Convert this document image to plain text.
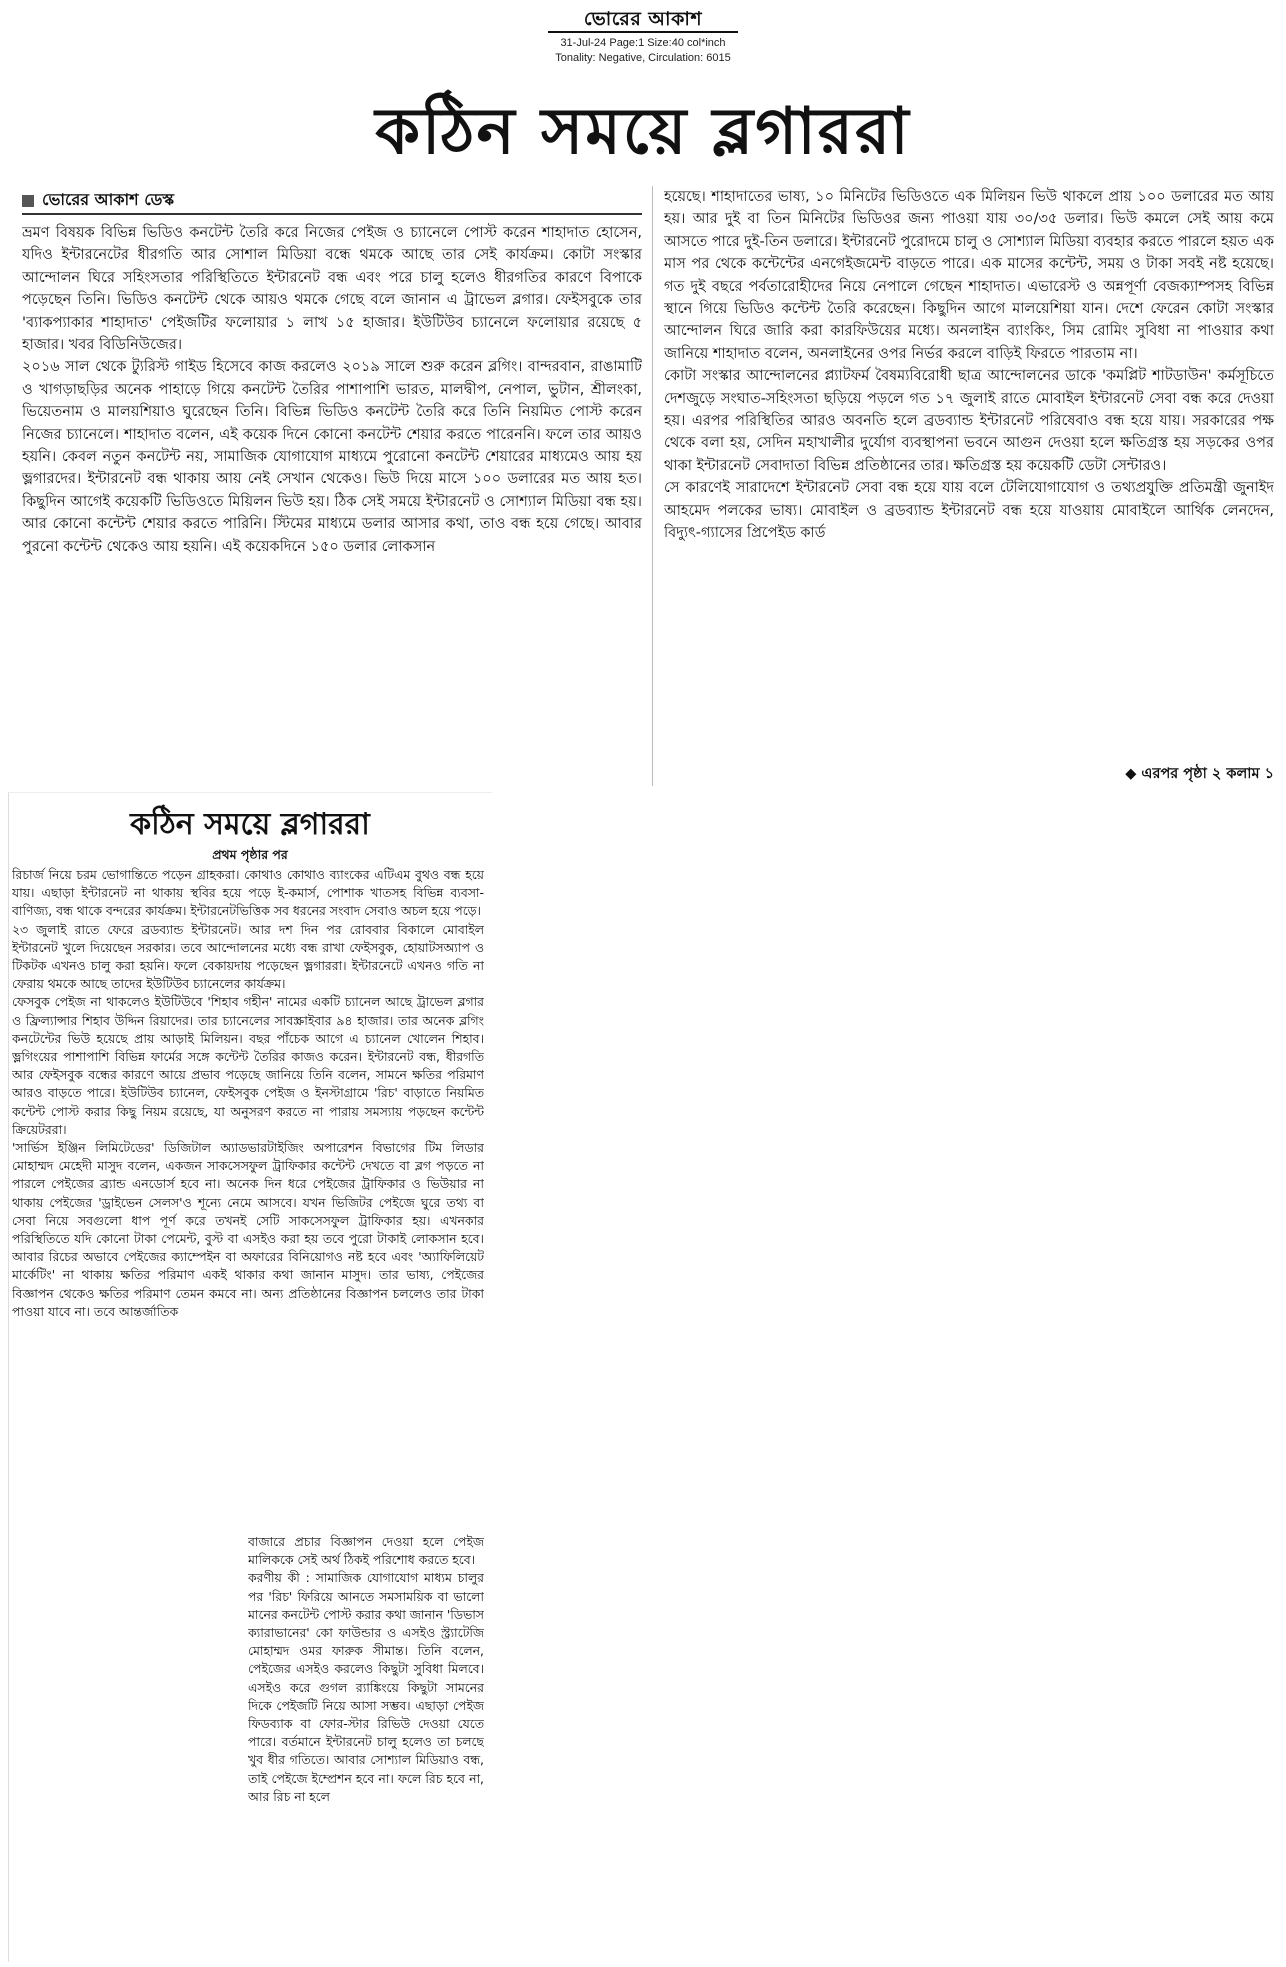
ভোরের আকাশ
31-Jul-24 Page:1 Size:40 col*inch
Tonality: Negative, Circulation: 6015
কঠিন সময়ে ব্লগাররা
ভোরের আকাশ ডেস্ক

ভ্রমণ বিষয়ক বিভিন্ন ভিডিও কনটেন্ট তৈরি করে নিজের পেইজ ও চ্যানেলে পোস্ট করেন শাহাদাত হোসেন, যদিও ইন্টারনেটের ধীরগতি আর সোশাল মিডিয়া বন্ধে থমকে আছে তার সেই কার্যক্রম। কোটা সংস্কার আন্দোলন ঘিরে সহিংসতার পরিস্থিতিতে ইন্টারনেট বন্ধ এবং পরে চালু হলেও ধীরগতির কারণে বিপাকে পড়েছেন তিনি। ভিডিও কনটেন্ট থেকে আয়ও থমকে গেছে বলে জানান এ ট্রাভেল ব্লগার। ফেইসবুকে তার 'ব্যাকপ্যাকার শাহাদাত' পেইজটির ফলোয়ার ১ লাখ ১৫ হাজার। ইউটিউব চ্যানেলে ফলোয়ার রয়েছে ৫ হাজার। খবর বিডিনিউজের।

২০১৬ সাল থেকে ট্যুরিস্ট গাইড হিসেবে কাজ করলেও ২০১৯ সালে শুরু করেন ব্লগিং। বান্দরবান, রাঙামাটি ও খাগড়াছড়ির অনেক পাহাড়ে গিয়ে কনটেন্ট তৈরির পাশাপাশি ভারত, মালদ্বীপ, নেপাল, ভুটান, শ্রীলংকা, ভিয়েতনাম ও মালয়শিয়াও ঘুরেছেন তিনি। বিভিন্ন ভিডিও কনটেন্ট তৈরি করে তিনি নিয়মিত পোস্ট করেন নিজের চ্যানেলে। শাহাদাত বলেন, এই কয়েক দিনে কোনো কনটেন্ট শেয়ার করতে পারেননি। ফলে তার আয়ও হয়নি। কেবল নতুন কনটেন্ট নয়, সামাজিক যোগাযোগ মাধ্যমে পুরোনো কনটেন্ট শেয়ারের মাধ্যমেও আয় হয় ভ্লগারদের। ইন্টারনেট বন্ধ থাকায় আয় নেই সেখান থেকেও। ভিউ দিয়ে মাসে ১০০ ডলারের মত আয় হত। কিছুদিন আগেই কয়েকটি ভিডিওতে মিয়িলন ভিউ হয়। ঠিক সেই সময়ে ইন্টারনেট ও সোশ্যাল মিডিয়া বন্ধ হয়। আর কোনো কন্টেন্ট শেয়ার করতে পারিনি। স্টিমের মাধ্যমে ডলার আসার কথা, তাও বন্ধ হয়ে গেছে। আবার পুরনো কন্টেন্ট থেকেও আয় হয়নি। এই কয়েকদিনে ১৫০ ডলার লোকসান

হয়েছে। শাহাদাতের ভাষ্য, ১০ মিনিটের ভিডিওতে এক মিলিয়ন ভিউ থাকলে প্রায় ১০০ ডলারের মত আয় হয়। আর দুই বা তিন মিনিটের ভিডিওর জন্য পাওয়া যায় ৩০/৩৫ ডলার। ভিউ কমলে সেই আয় কমে আসতে পারে দুই-তিন ডলারে। ইন্টারনেট পুরোদমে চালু ও সোশ্যাল মিডিয়া ব্যবহার করতে পারলে হয়ত এক মাস পর থেকে কন্টেন্টের এনগেইজমেন্ট বাড়তে পারে। এক মাসের কন্টেন্ট, সময় ও টাকা সবই নষ্ট হয়েছে। গত দুই বছরে পর্বতারোহীদের নিয়ে নেপালে গেছেন শাহাদাত। এভারেস্ট ও অন্নপূর্ণা বেজক্যাম্পসহ বিভিন্ন স্থানে গিয়ে ভিডিও কন্টেন্ট তৈরি করেছেন। কিছুদিন আগে মালয়েশিয়া যান। দেশে ফেরেন কোটা সংস্কার আন্দোলন ঘিরে জারি করা কারফিউয়ের মধ্যে। অনলাইন ব্যাংকিং, সিম রোমিং সুবিধা না পাওয়ার কথা জানিয়ে শাহাদাত বলেন, অনলাইনের ওপর নির্ভর করলে বাড়িই ফিরতে পারতাম না।

কোটা সংস্কার আন্দোলনের প্ল্যাটফর্ম বৈষম্যবিরোধী ছাত্র আন্দোলনের ডাকে 'কমপ্লিট শাটডাউন' কর্মসূচিতে দেশজুড়ে সংঘাত-সহিংসতা ছড়িয়ে পড়লে গত ১৭ জুলাই রাতে মোবাইল ইন্টারনেট সেবা বন্ধ করে দেওয়া হয়। এরপর পরিস্থিতির আরও অবনতি হলে ব্রডব্যান্ড ইন্টারনেট পরিষেবাও বন্ধ হয়ে যায়। সরকারের পক্ষ থেকে বলা হয়, সেদিন মহাখালীর দুর্যোগ ব্যবস্থাপনা ভবনে আগুন দেওয়া হলে ক্ষতিগ্রস্ত হয় সড়কের ওপর থাকা ইন্টারনেট সেবাদাতা বিভিন্ন প্রতিষ্ঠানের তার। ক্ষতিগ্রস্ত হয় কয়েকটি ডেটা সেন্টারও।

সে কারণেই সারাদেশে ইন্টারনেট সেবা বন্ধ হয়ে যায় বলে টেলিযোগাযোগ ও তথ্যপ্রযুক্তি প্রতিমন্ত্রী জুনাইদ আহমেদ পলকের ভাষ্য। মোবাইল ও ব্রডব্যান্ড ইন্টারনেট বন্ধ হয়ে যাওয়ায় মোবাইলে আর্থিক লেনদেন, বিদ্যুৎ-গ্যাসের প্রিপেইড কার্ড

◆ এরপর পৃষ্ঠা ২ কলাম ১
কঠিন সময়ে ব্লগাররা
প্রথম পৃষ্ঠার পর

রিচার্জ নিয়ে চরম ভোগান্তিতে পড়েন গ্রাহকরা। কোথাও কোথাও ব্যাংকের এটিএম বুথও বন্ধ হয়ে যায়। এছাড়া ইন্টারনেট না থাকায় স্থবির হয়ে পড়ে ই-কমার্স, পোশাক খাতসহ বিভিন্ন ব্যবসা-বাণিজ্য, বন্ধ থাকে বন্দরের কার্যক্রম। ইন্টারনেটভিত্তিক সব ধরনের সংবাদ সেবাও অচল হয়ে পড়ে।

২৩ জুলাই রাতে ফেরে ব্রডব্যান্ড ইন্টারনেট। আর দশ দিন পর রোববার বিকালে মোবাইল ইন্টারনেট খুলে দিয়েছেন সরকার। তবে আন্দোলনের মধ্যে বন্ধ রাখা ফেইসবুক, হোয়াটসঅ্যাপ ও টিকটক এখনও চালু করা হয়নি। ফলে বেকায়দায় পড়েছেন ভ্লগাররা। ইন্টারনেটে এখনও গতি না ফেরায় থমকে আছে তাদের ইউটিউব চ্যানেলের কার্যক্রম।

ফেসবুক পেইজ না থাকলেও ইউটিউবে 'শিহাব গহীন' নামের একটি চ্যানেল আছে ট্রাভেল ব্লগার ও ফ্রিল্যান্সার শিহাব উদ্দিন রিয়াদের। তার চ্যানেলের সাবস্ক্রাইবার ৯৪ হাজার। তার অনেক ব্লগিং কনটেন্টের ভিউ হয়েছে প্রায় আড়াই মিলিয়ন। বছর পাঁচেক আগে এ চ্যানেল খোলেন শিহাব। ভ্লগিংয়ের পাশাপাশি বিভিন্ন ফার্মের সঙ্গে কন্টেন্ট তৈরির কাজও করেন। ইন্টারনেট বন্ধ, ধীরগতি আর ফেইসবুক বন্ধের কারণে আয়ে প্রভাব পড়েছে জানিয়ে তিনি বলেন, সামনে ক্ষতির পরিমাণ আরও বাড়তে পারে। ইউটিউব চ্যানেল, ফেইসবুক পেইজ ও ইনস্টাগ্রামে 'রিচ' বাড়াতে নিয়মিত কন্টেন্ট পোস্ট করার কিছু নিয়ম রয়েছে, যা অনুসরণ করতে না পারায় সমস্যায় পড়ছেন কন্টেন্ট ক্রিয়েটররা।

'সার্ভিস ইঞ্জিন লিমিটেডের' ডিজিটাল অ্যাডভারটাইজিং অপারেশন বিভাগের টিম লিডার মোহাম্মদ মেহেদী মাসুদ বলেন, একজন সাকসেসফুল ট্রাফিকার কন্টেন্ট দেখতে বা ব্লগ পড়তে না পারলে পেইজের ব্র্যান্ড এনডোর্স হবে না। অনেক দিন ধরে পেইজের ট্রাফিকার ও ভিউয়ার না থাকায় পেইজের 'ড্রাইভেন সেলস'ও শূন্যে নেমে আসবে। যখন ভিজিটর পেইজে ঘুরে তথ্য বা সেবা নিয়ে সবগুলো ধাপ পূর্ণ করে তখনই সেটি সাকসেসফুল ট্রাফিকার হয়। এখনকার পরিস্থিতিতে যদি কোনো টাকা পেমেন্ট, বুস্ট বা এসইও করা হয় তবে পুরো টাকাই লোকসান হবে। আবার রিচের অভাবে পেইজের ক্যাম্পেইন বা অফারের বিনিয়োগও নষ্ট হবে এবং 'অ্যাফিলিয়েট মার্কেটিং' না থাকায় ক্ষতির পরিমাণ একই থাকার কথা জানান মাসুদ। তার ভাষ্য, পেইজের বিজ্ঞাপন থেকেও ক্ষতির পরিমাণ তেমন কমবে না। অন্য প্রতিষ্ঠানের বিজ্ঞাপন চললেও তার টাকা পাওয়া যাবে না। তবে আন্তর্জাতিক

বাজারে প্রচার বিজ্ঞাপন দেওয়া হলে পেইজ মালিককে সেই অর্থ ঠিকই পরিশোধ করতে হবে।

করণীয় কী : সামাজিক যোগাযোগ মাধ্যম চালুর পর 'রিচ' ফিরিয়ে আনতে সমসাময়িক বা ভালো মানের কনটেন্ট পোস্ট করার কথা জানান 'ডিভাস ক্যারাভানের' কো ফাউন্ডার ও এসইও স্ট্র্যাটেজি মোহাম্মদ ওমর ফারুক সীমান্ত। তিনি বলেন, পেইজের এসইও করলেও কিছুটা সুবিধা মিলবে। এসইও করে গুগল র‍্যাঙ্কিংয়ে কিছুটা সামনের দিকে পেইজটি নিয়ে আসা সম্ভব। এছাড়া পেইজ ফিডব্যাক বা ফোর-স্টার রিভিউ দেওয়া যেতে পারে। বর্তমানে ইন্টারনেট চালু হলেও তা চলছে খুব ধীর গতিতে। আবার সোশ্যাল মিডিয়াও বন্ধ, তাই পেইজে ইম্প্রেশন হবে না। ফলে রিচ হবে না, আর রিচ না হলে
